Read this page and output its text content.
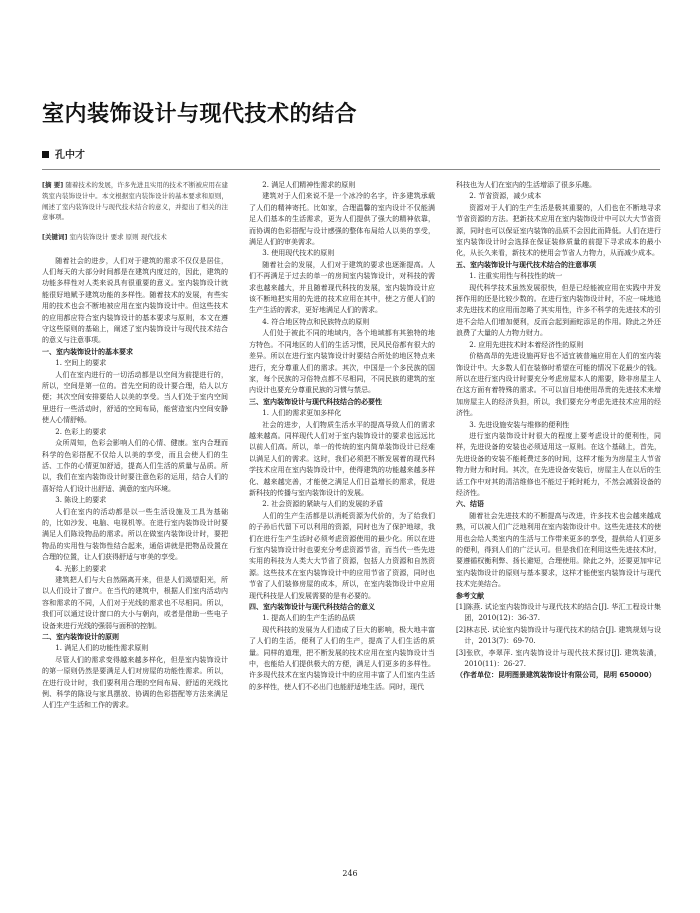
室内装饰设计与现代技术的结合
孔中才

[摘 要] 随着技术的发展，许多先进且实用的技术不断被应用在建筑室内装饰设计中。本文根据室内装饰设计的基本要求和原则，阐述了室内装饰设计与现代技术结合的意义，并提出了相关的注意事项。

[关键词] 室内装饰设计 要求 原则 现代技术

随着社会的进步，人们对于建筑的需求不仅仅是居住，人们每天的大部分时间都是在建筑内度过的，因此，建筑的功能多样性对人类来说具有很重要的意义。室内装饰设计就能很好地赋予建筑功能的多样性。随着技术的发展，有些实用的技术也会不断地被应用在室内装饰设计中。但这些技术的应用都应符合室内装饰设计的基本要求与原则，本文在遵守这些原则的基础上，阐述了室内装饰设计与现代技术结合的意义与注意事项。

一、室内装饰设计的基本要求

1. 空间上的要求

人们在室内进行的一切活动都是以空间为前提进行的，所以，空间是第一位的。首先空间的设计要合理，给人以方便；其次空间安排要给人以美的享受。当人们处于室内空间里进行一些活动时，舒适的空间布局，能营造室内空间安静使人心情舒畅。

2. 色彩上的要求

众所周知，色彩会影响人们的心情、健康。室内合理而科学的色彩搭配不仅给人以美的享受，而且会使人们的生活、工作的心情更加舒适，提高人们生活的质量与品质。所以，我们在室内装饰设计时要注意色彩的运用，结合人们的喜好给人们设计出舒适、满意的室内环境。

3. 陈设上的要求

人们在室内的活动都是以一些生活设施及工具为基础的，比如沙发、电脑、电视机等。在进行室内装饰设计时要满足人们陈设物品的需求。所以在做室内装饰设计时，要把物品的实用性与装饰性结合起来，通俗讲就是把物品设置在合理的位置，让人们获得舒适与审美的享受。

4. 光影上的要求

建筑把人们与大自然隔离开来，但是人们渴望阳光，所以人们设计了窗户。在当代的建筑中，根据人们室内活动内容和需求的不同，人们对于光线的需求也不尽相同。所以，我们可以通过设计窗口的大小与朝向，或者是借助一些电子设备来进行光线的强弱与面积的控制。

二、室内装饰设计的原则

1. 满足人们的功能性需求原则

尽管人们的需求变得越来越多样化，但是室内装饰设计的第一原则仍然是要满足人们对房屋的功能性需求。所以，在进行设计时，我们要利用合理的空间布局、舒适的光线比例、科学的陈设与家具摆放、协调的色彩搭配等方法来满足人们生产生活和工作的需求。

2. 满足人们精神性需求的原则

建筑对于人们来说不是一个冰冷的名字，许多建筑承载了人们的精神寄托。比如家，合理温馨的室内设计不仅能满足人们基本的生活需求，更为人们提供了强大的精神依靠，而协调的色彩搭配与设计感强的整体布局给人以美的享受，满足人们的审美需求。

3. 使用现代技术的原则

随着社会的发展，人们对于建筑的要求也逐渐提高。人们不再满足于过去的单一的房间室内装饰设计，对科技的需求也越来越大，并且随着现代科技的发展，室内装饰设计应该不断地把实用的先进的技术应用在其中，使之方便人们的生产生活的需求，更好地满足人们的需求。

4. 符合地区特点和民族特点的原则

人们处于被此不同的地域内，各个地域都有其独特的地方特色。不同地区的人们的生活习惯，民风民俗都有很大的差异。所以在进行室内装饰设计时要结合所处的地区特点来进行，充分尊重人们的需求。其次，中国是一个多民族的国家，每个民族的习俗特点都不尽相同，不同民族的建筑的室内设计也要充分尊重民族的习惯与禁忌。

三、室内装饰设计与现代科技结合的必要性

1. 人们的需求更加多样化

社会的进步，人们物质生活水平的提高导致人们的需求越来越高。同样现代人们对于室内装饰设计的要求也远远比以前人们高。所以，单一的传统的室内简单装饰设计已经难以满足人们的需求。这时，我们必须把不断发展着的现代科学技术应用在室内装饰设计中，使得建筑的功能越来越多样化、越来越完善，才能使之满足人们日益增长的需求，促进新科技的传播与室内装饰设计的发展。

2. 社会资源的紧缺与人们的发展的矛盾

人们的生产生活都是以消耗资源为代价的，为了给我们的子孙后代留下可以利用的资源，同时也为了保护地球，我们在进行生产生活时必须考虑资源使用的最少化。所以在进行室内装饰设计时也要充分考虑资源节省，而当代一些先进实用的科技为人类大大节省了资源，包括人力资源和自然资源。这些技术在室内装饰设计中的应用节省了资源，同时也节省了人们装修房屋的成本，所以，在室内装饰设计中应用现代科技是人们发展需要的是有必要的。

四、室内装饰设计与现代科技结合的意义

1. 提高人们的生产生活的品质

现代科技的发展为人们造成了巨大的影响，极大地丰富了人们的生活，便利了人们的生产，提高了人们生活的质量。同样的道理，把不断发展的技术应用在室内装饰设计当中，也能给人们提供极大的方便，满足人们更多的多样性。许多现代技术在室内装饰设计中的应用丰富了人们室内生活的多样性，使人们不必出门也能舒适地生活。同时，现代

科技也为人们在室内的生活增添了很多乐趣。

2. 节省资源，减少成本

资源对于人们的生产生活是极其重要的，人们也在不断地寻求节省资源的方法。把新技术应用在室内装饰设计中可以大大节省资源，同时也可以保证室内装饰的品质不会因此而降低。人们在进行室内装饰设计时会选择在保证装修质量的前提下寻求成本的最小化，从长久来看，新技术的使用会节省人力物力，从而减少成本。

五、室内装饰设计与现代技术结合的注意事项

1. 注重实用性与科技性的统一

现代科学技术虽然发展很快，但是已经能被应用在实践中并发挥作用的还是比较少数的。在进行室内装饰设计时，不应一味地追求先进技术的应用而忽略了其实用性，许多不科学的先进技术的引进不会给人们增加便利，反而会起到画蛇添足的作用。除此之外还浪费了大量的人力物力财力。

2. 应用先进技术时本着经济性的原则

价格高昂的先进设施再好也不适宜被普遍应用在人们的室内装饰设计中。大多数人们在装修时希望在可能的情况下花最少的钱。所以在进行室内设计时要充分考虑房屋本人的需要，除非房屋主人在这方面有着特殊的需求。不可以盲目地使用昂贵的先进技术来增加房屋主人的经济负担，所以，我们要充分考虑先进技术应用的经济性。

3. 先进设施安装与维修的便利性

进行室内装饰设计时很大的程度上要考虑设计的便利性，同样，先进设备的安装也必须适用这一原则。在这个基础上，首先，先进设备的安装不能耗费过多的时间，这样才能为为房屋主人节省物力财力和时间。其次，在先进设备安装后，房屋主人在以后的生活工作中对其的清洁维修也不能过于耗时耗力，不然会减弱设备的经济性。

六、结语

随着社会先进技术的不断提高与改进，许多技术也会越来越成熟，可以被人们广泛地利用在室内装饰设计中。这些先进技术的使用也会给人类室内的生活与工作带来更多的享受，提供给人们更多的便利，得到人们的广泛认可。但是我们在利用这些先进技术时，要遵循权衡利弊、扬长避短，合理使用。除此之外，还要更加牢记室内装饰设计的原则与基本要求，这样才能使室内装饰设计与现代技术完美结合。

参考文献

[1]陈燕. 试论室内装饰设计与现代技术的结合[J]. 华汇工程设计集团，2010(12)：36-37.

[2]林志民. 试论室内装饰设计与现代技术的结合[J]. 建筑规划与设计，2013(7)：69-70.

[3]张欣，李翠萍. 室内装饰设计与现代技术探讨[J]. 建筑装潢，2010(11)：26-27.

（作者单位：昆明图景建筑装饰设计有限公司，昆明 650000）

246
